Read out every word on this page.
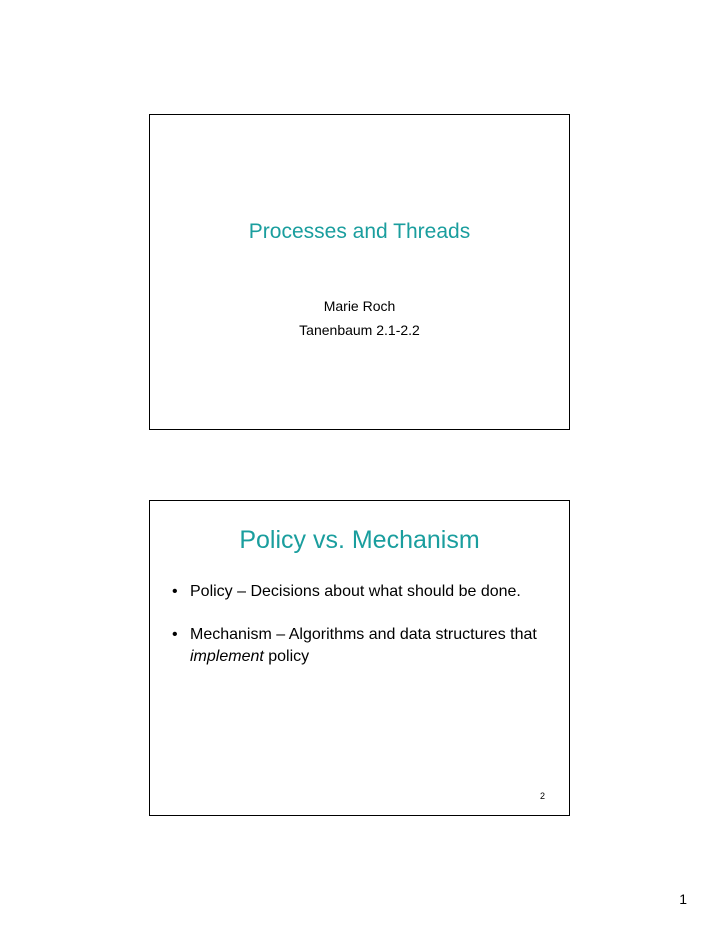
Processes and Threads
Marie Roch
Tanenbaum 2.1-2.2
Policy vs. Mechanism
• Policy – Decisions about what should be done.
• Mechanism – Algorithms and data structures that implement policy
2
1
